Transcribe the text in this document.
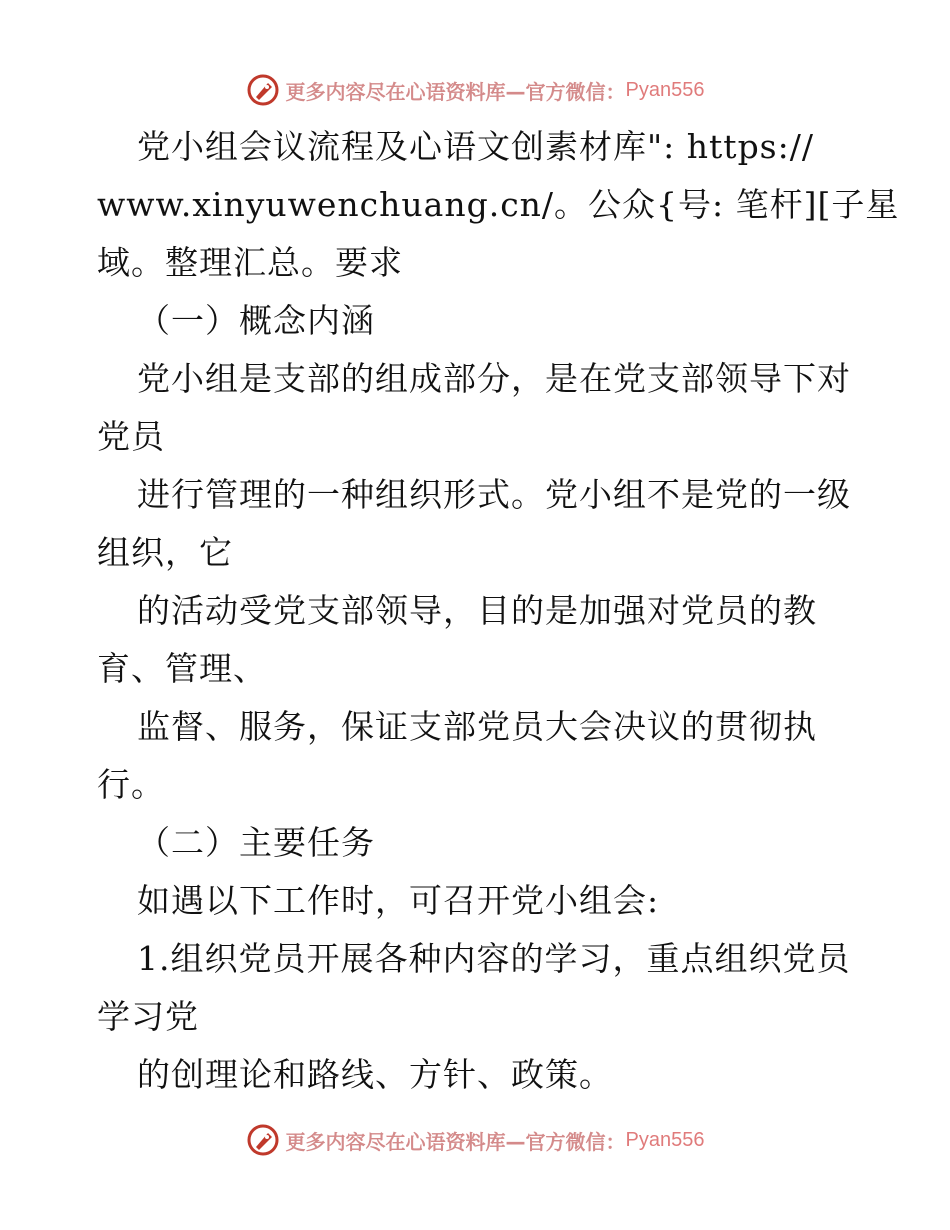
更多内容尽在心语资料库—官方微信： Pyan556
党小组会议流程及心语文创素材库": https://
www.xinyuwenchuang.cn/。公众{号: 笔杆][子星
域。整理汇总。要求
（一）概念内涵
党小组是支部的组成部分，是在党支部领导下对
党员
进行管理的一种组织形式。党小组不是党的一级
组织，它
的活动受党支部领导，目的是加强对党员的教
育、管理、
监督、服务，保证支部党员大会决议的贯彻执
行。
（二）主要任务
如遇以下工作时，可召开党小组会:
1.组织党员开展各种内容的学习，重点组织党员
学习党
的创理论和路线、方针、政策。
更多内容尽在心语资料库—官方微信： Pyan556
